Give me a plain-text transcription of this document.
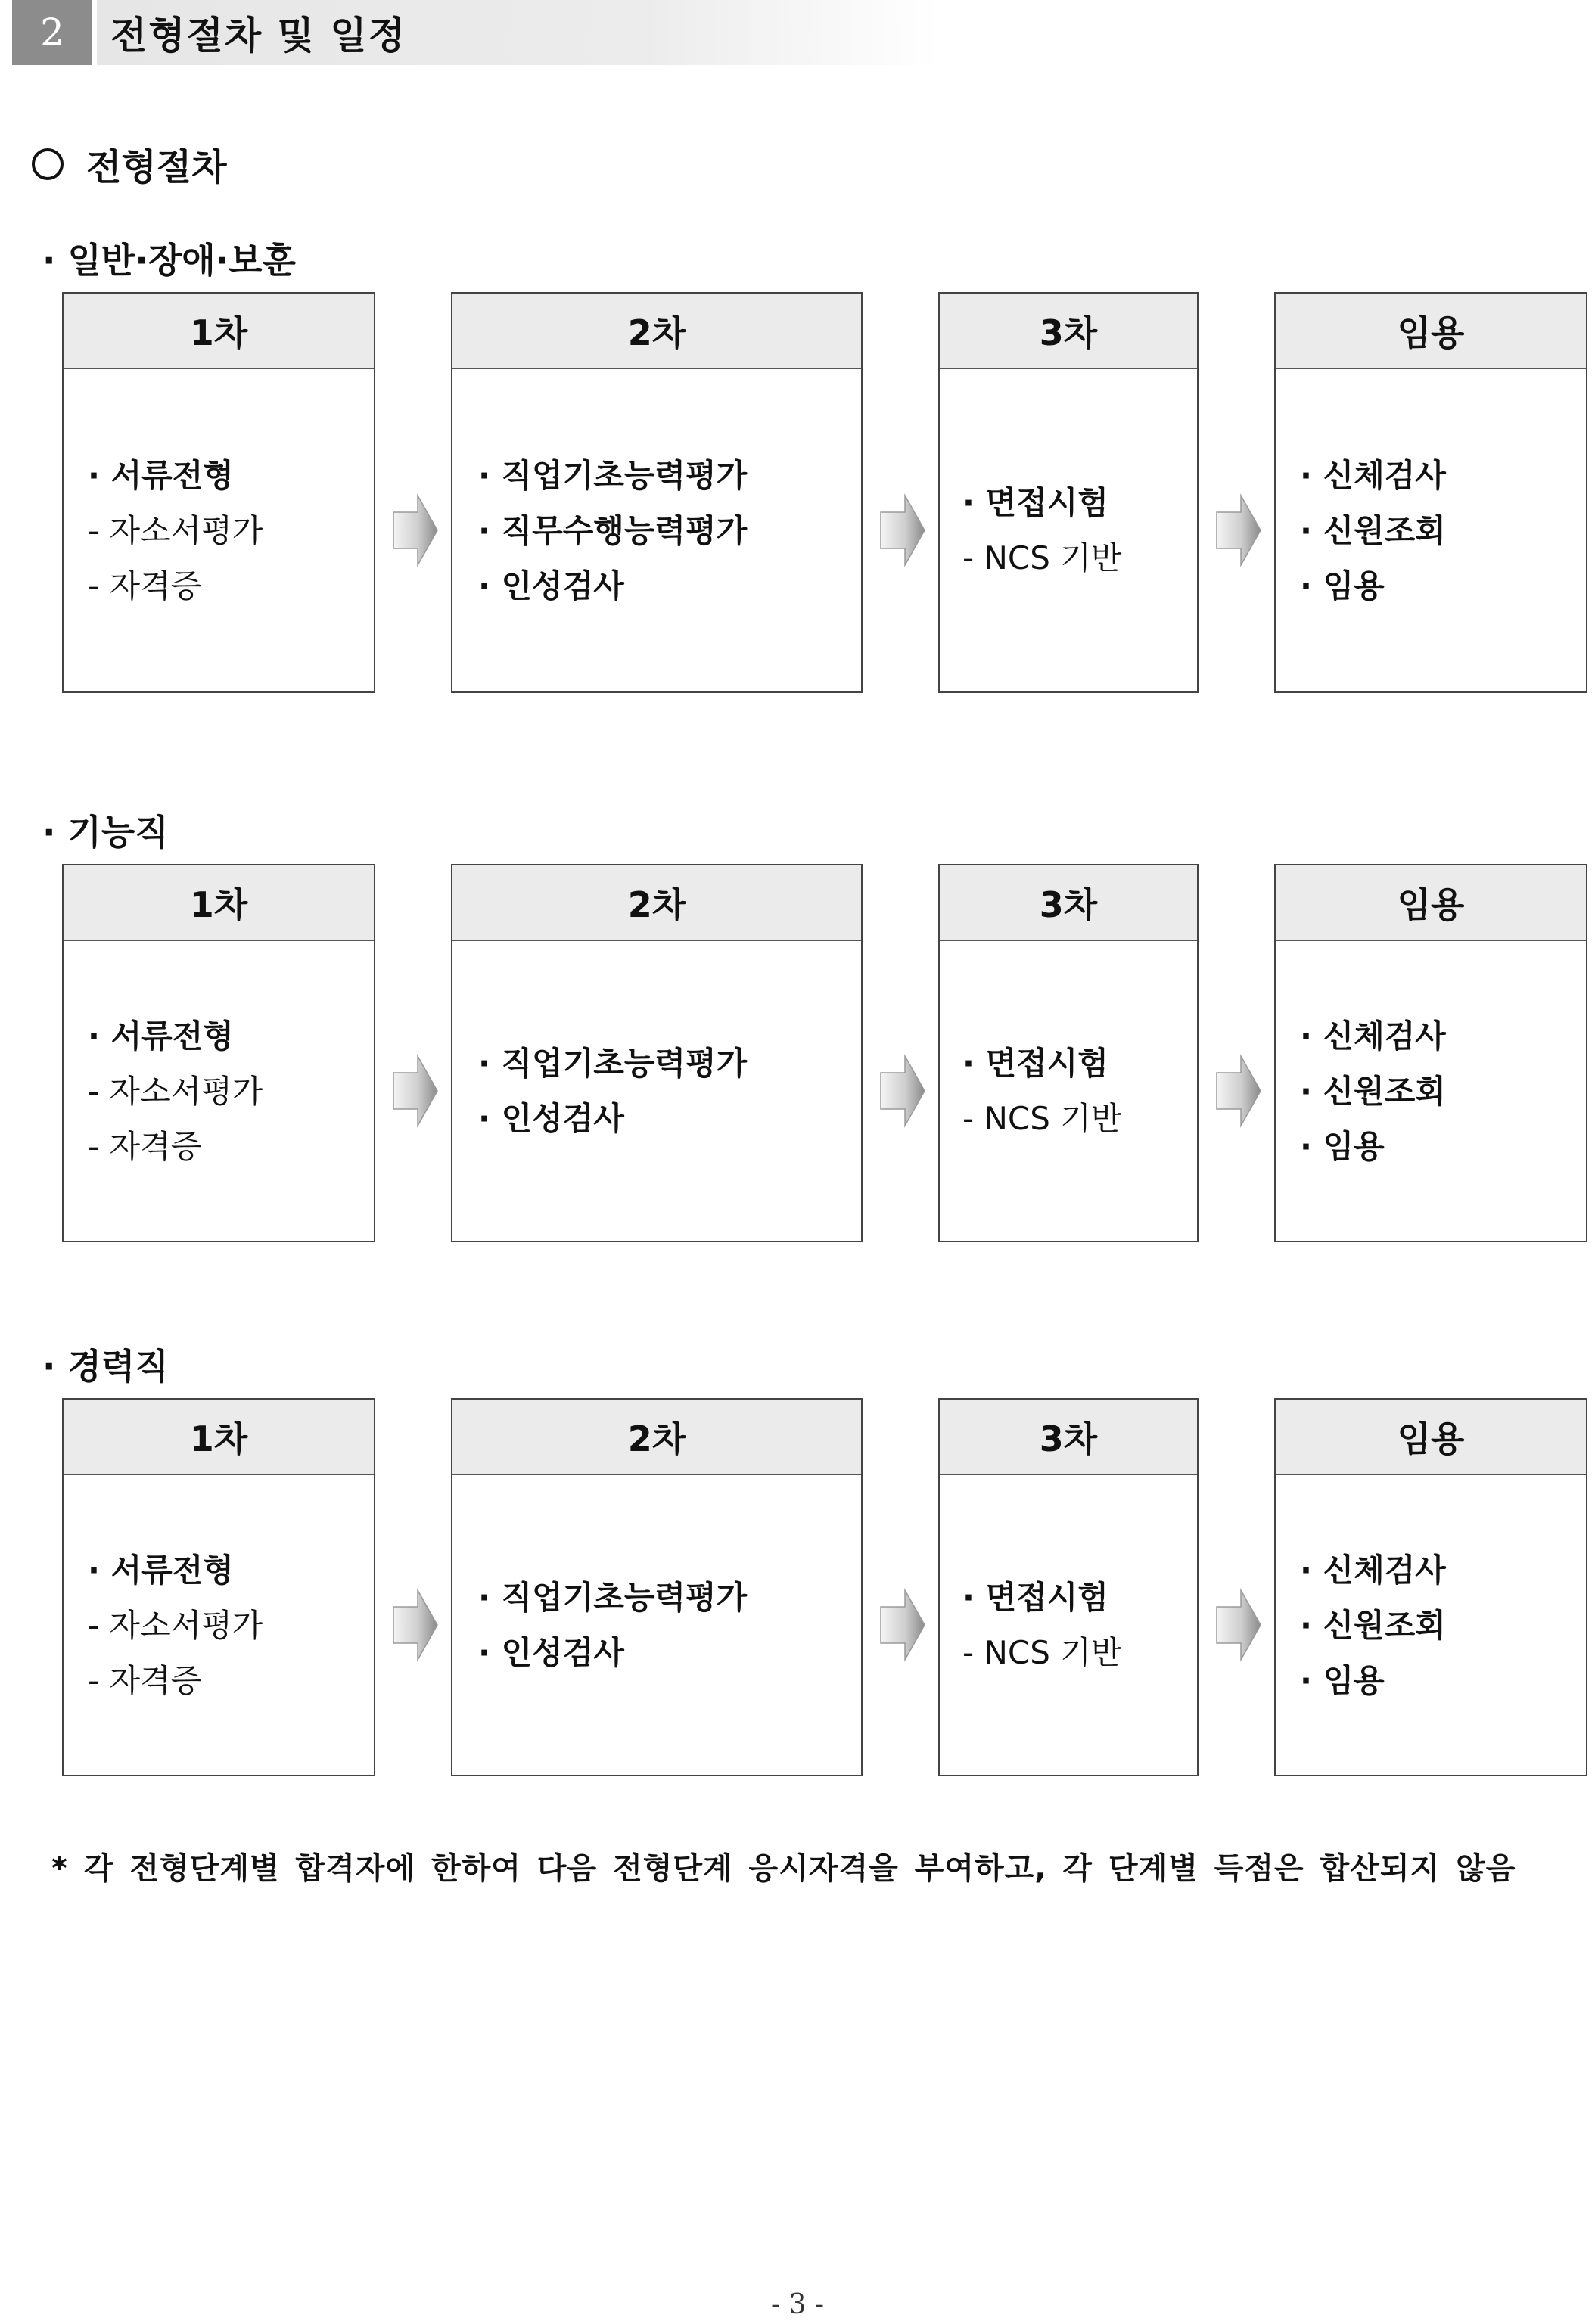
2	전형절차 및 일정
전형절차
· 일반·장애·보훈
1차
· 서류전형
- 자소서평가
- 자격증
2차
· 직업기초능력평가
· 직무수행능력평가
· 인성검사
3차
· 면접시험
- NCS 기반
임용
· 신체검사
· 신원조회
· 임용
· 기능직
1차
· 서류전형
- 자소서평가
- 자격증
2차
· 직업기초능력평가
· 인성검사
3차
· 면접시험
- NCS 기반
임용
· 신체검사
· 신원조회
· 임용
· 경력직
1차
· 서류전형
- 자소서평가
- 자격증
2차
· 직업기초능력평가
· 인성검사
3차
· 면접시험
- NCS 기반
임용
· 신체검사
· 신원조회
· 임용
* 각 전형단계별 합격자에 한하여 다음 전형단계 응시자격을 부여하고, 각 단계별 득점은 합산되지 않음
- 3 -
